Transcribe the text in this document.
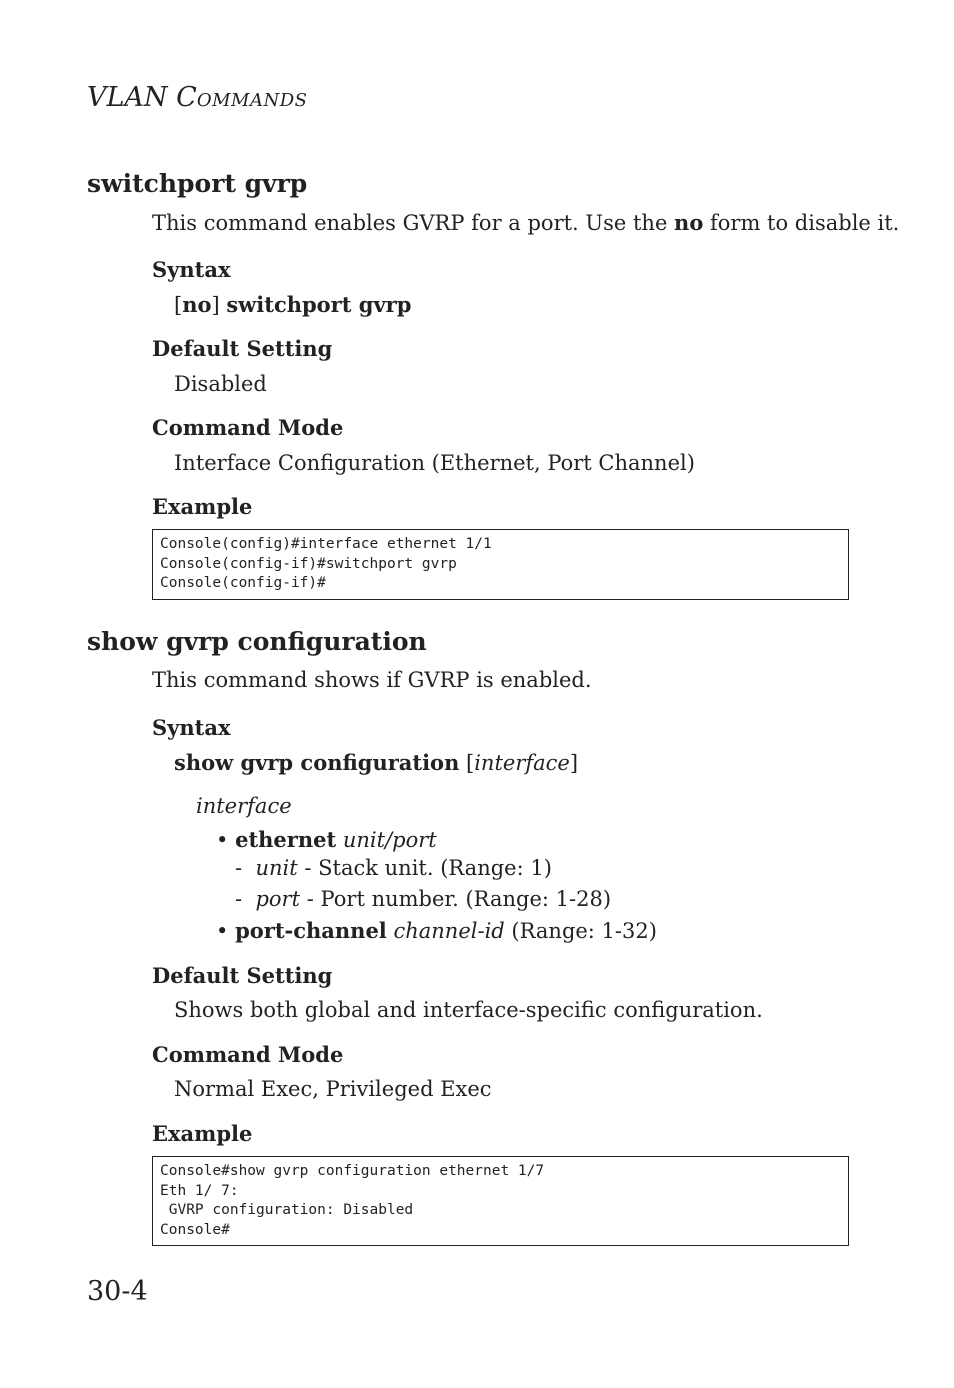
VLAN COMMANDS

switchport gvrp

This command enables GVRP for a port. Use the no form to disable it.

Syntax

[no] switchport gvrp

Default Setting

Disabled

Command Mode

Interface Configuration (Ethernet, Port Channel)

Example

Console(config)#interface ethernet 1/1
Console(config-if)#switchport gvrp
Console(config-if)#
show gvrp configuration

This command shows if GVRP is enabled.

Syntax

show gvrp configuration [interface]

interface

• ethernet unit/port

- unit - Stack unit. (Range: 1)

- port - Port number. (Range: 1-28)

• port-channel channel-id (Range: 1-32)

Default Setting

Shows both global and interface-specific configuration.

Command Mode

Normal Exec, Privileged Exec

Example

Console#show gvrp configuration ethernet 1/7
Eth 1/ 7:
GVRP configuration: Disabled
Console#

30-4
